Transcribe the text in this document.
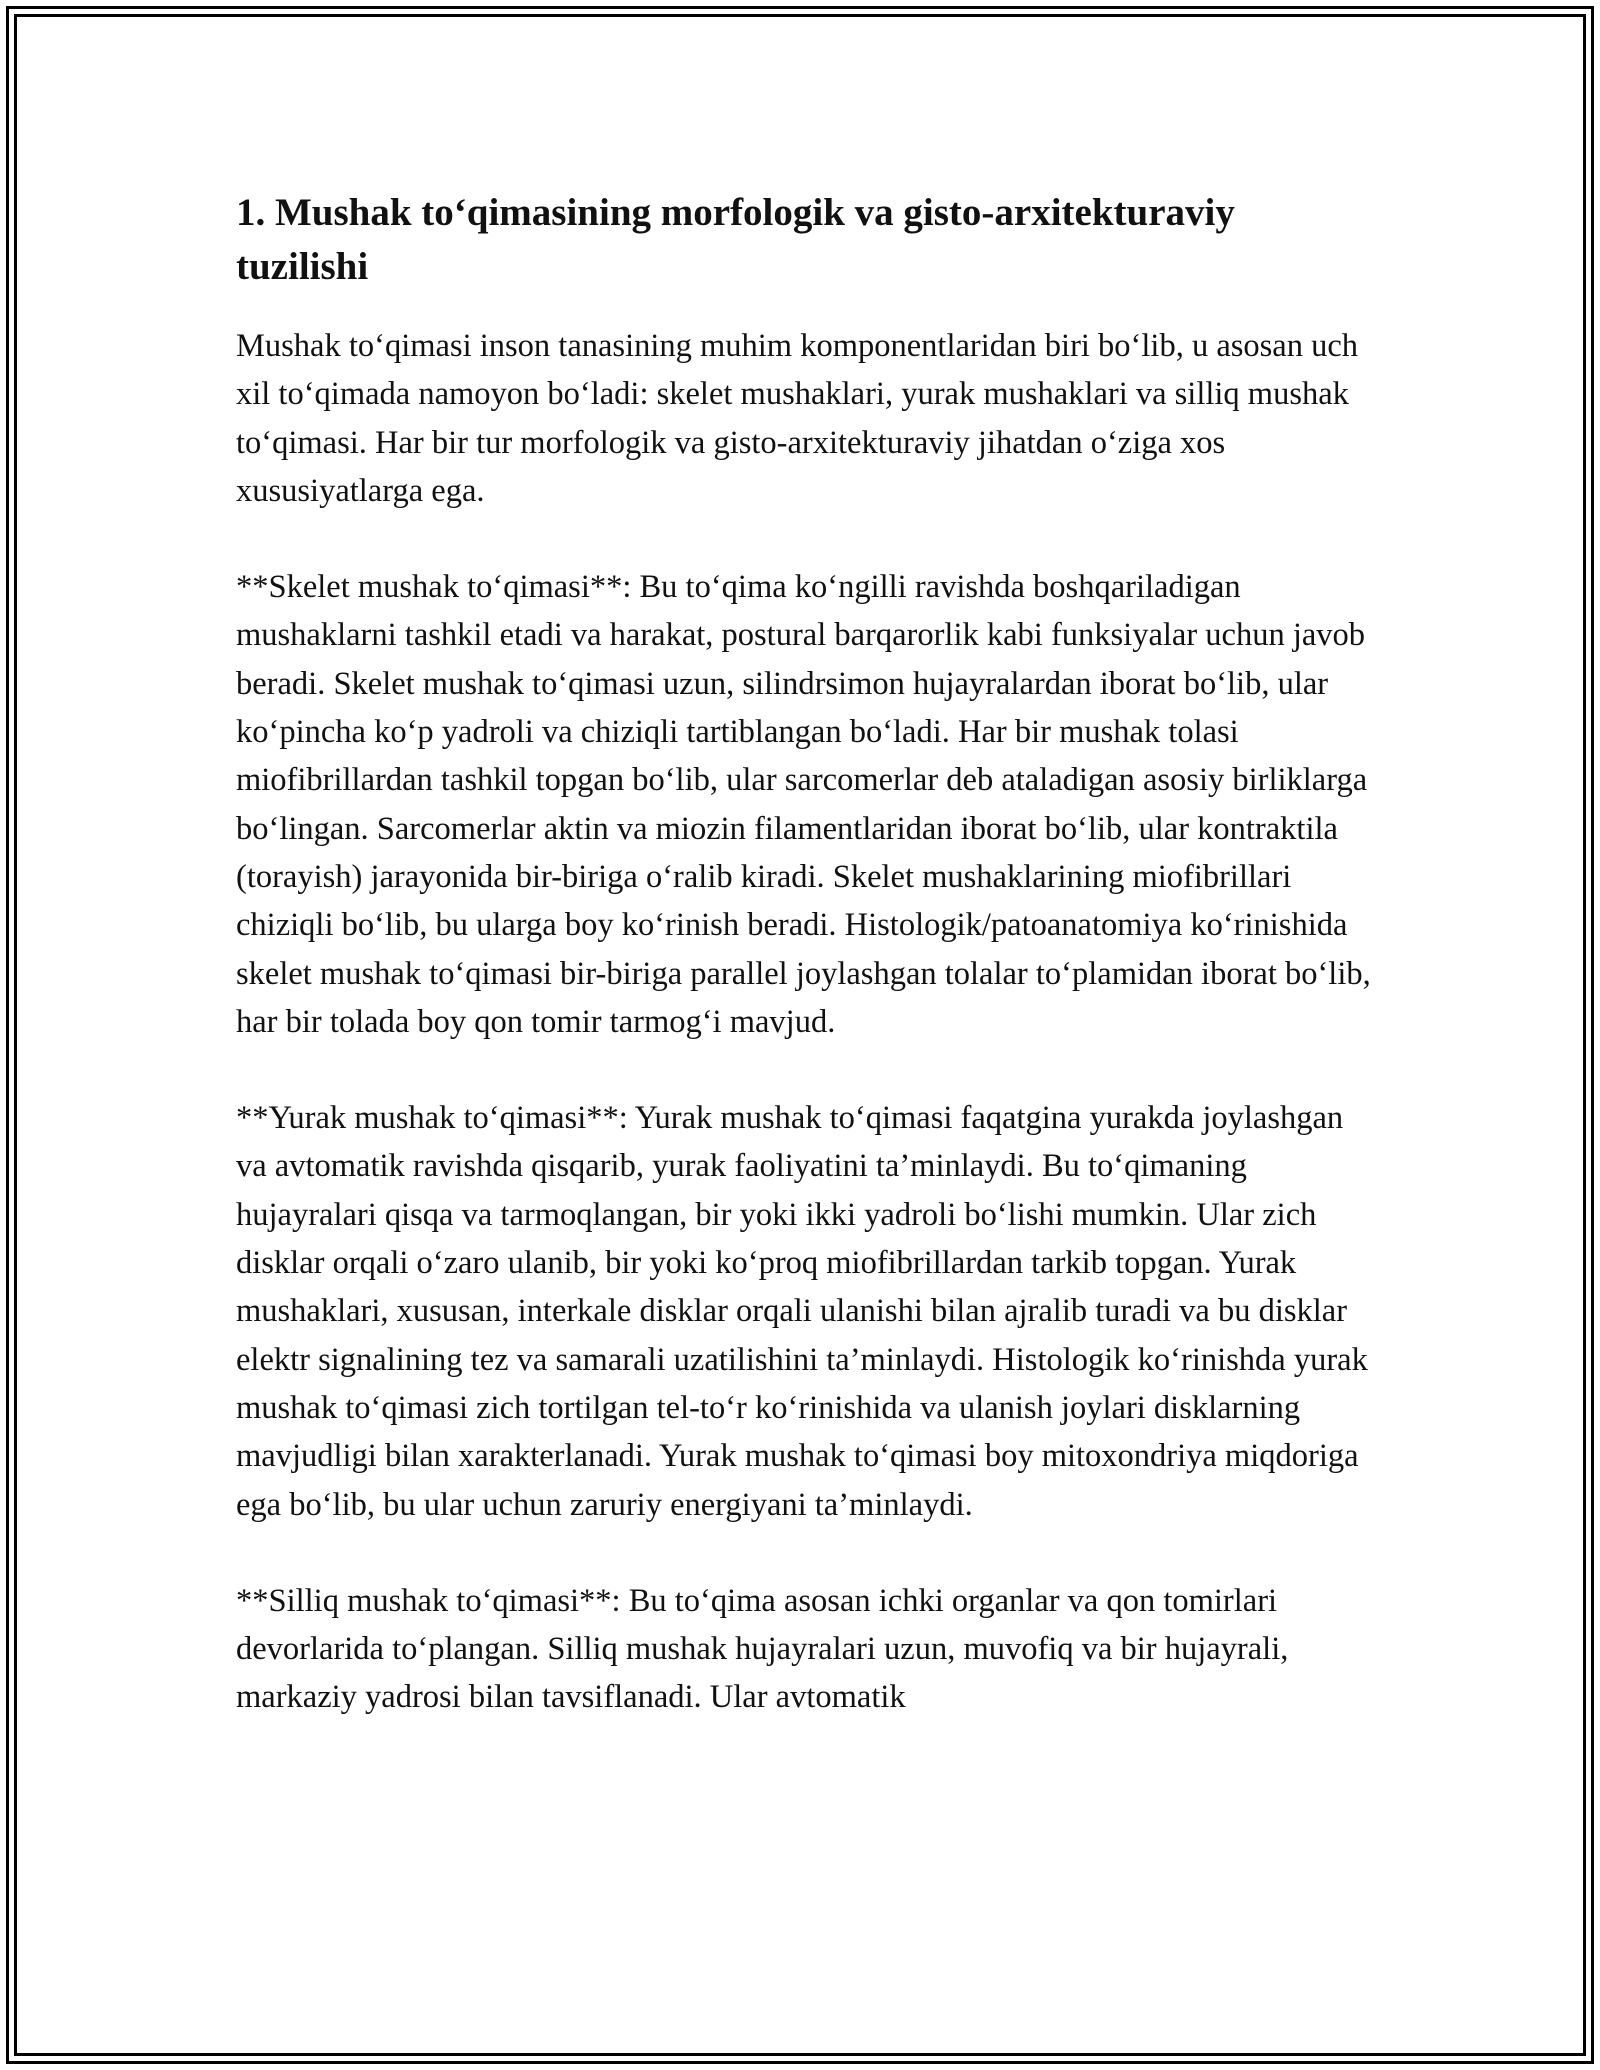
1. Mushak to‘qimasining morfologik va gisto-arxitekturaviy tuzilishi

Mushak to‘qimasi inson tanasining muhim komponentlaridan biri bo‘lib, u asosan uch xil to‘qimada namoyon bo‘ladi: skelet mushaklari, yurak mushaklari va silliq mushak to‘qimasi. Har bir tur morfologik va gisto-arxitekturaviy jihatdan o‘ziga xos xususiyatlarga ega.

**Skelet mushak to‘qimasi**: Bu to‘qima ko‘ngilli ravishda boshqariladigan mushaklarni tashkil etadi va harakat, postural barqarorlik kabi funksiyalar uchun javob beradi. Skelet mushak to‘qimasi uzun, silindrsimon hujayralardan iborat bo‘lib, ular ko‘pincha ko‘p yadroli va chiziqli tartiblangan bo‘ladi. Har bir mushak tolasi miofibrillardan tashkil topgan bo‘lib, ular sarcomerlar deb ataladigan asosiy birliklarga bo‘lingan. Sarcomerlar aktin va miozin filamentlaridan iborat bo‘lib, ular kontraktila (torayish) jarayonida bir-biriga o‘ralib kiradi. Skelet mushaklarining miofibrillari chiziqli bo‘lib, bu ularga boy ko‘rinish beradi. Histologik/patoanatomiya ko‘rinishida skelet mushak to‘qimasi bir-biriga parallel joylashgan tolalar to‘plamidan iborat bo‘lib, har bir tolada boy qon tomir tarmog‘i mavjud.

**Yurak mushak to‘qimasi**: Yurak mushak to‘qimasi faqatgina yurakda joylashgan va avtomatik ravishda qisqarib, yurak faoliyatini ta’minlaydi. Bu to‘qimaning hujayralari qisqa va tarmoqlangan, bir yoki ikki yadroli bo‘lishi mumkin. Ular zich disklar orqali o‘zaro ulanib, bir yoki ko‘proq miofibrillardan tarkib topgan. Yurak mushaklari, xususan, interkale disklar orqali ulanishi bilan ajralib turadi va bu disklar elektr signalining tez va samarali uzatilishini ta’minlaydi. Histologik ko‘rinishda yurak mushak to‘qimasi zich tortilgan tel-to‘r ko‘rinishida va ulanish joylari disklarning mavjudligi bilan xarakterlanadi. Yurak mushak to‘qimasi boy mitoxondriya miqdoriga ega bo‘lib, bu ular uchun zaruriy energiyani ta’minlaydi.

**Silliq mushak to‘qimasi**: Bu to‘qima asosan ichki organlar va qon tomirlari devorlarida to‘plangan. Silliq mushak hujayralari uzun, muvofiq va bir hujayrali, markaziy yadrosi bilan tavsiflanadi. Ular avtomatik
